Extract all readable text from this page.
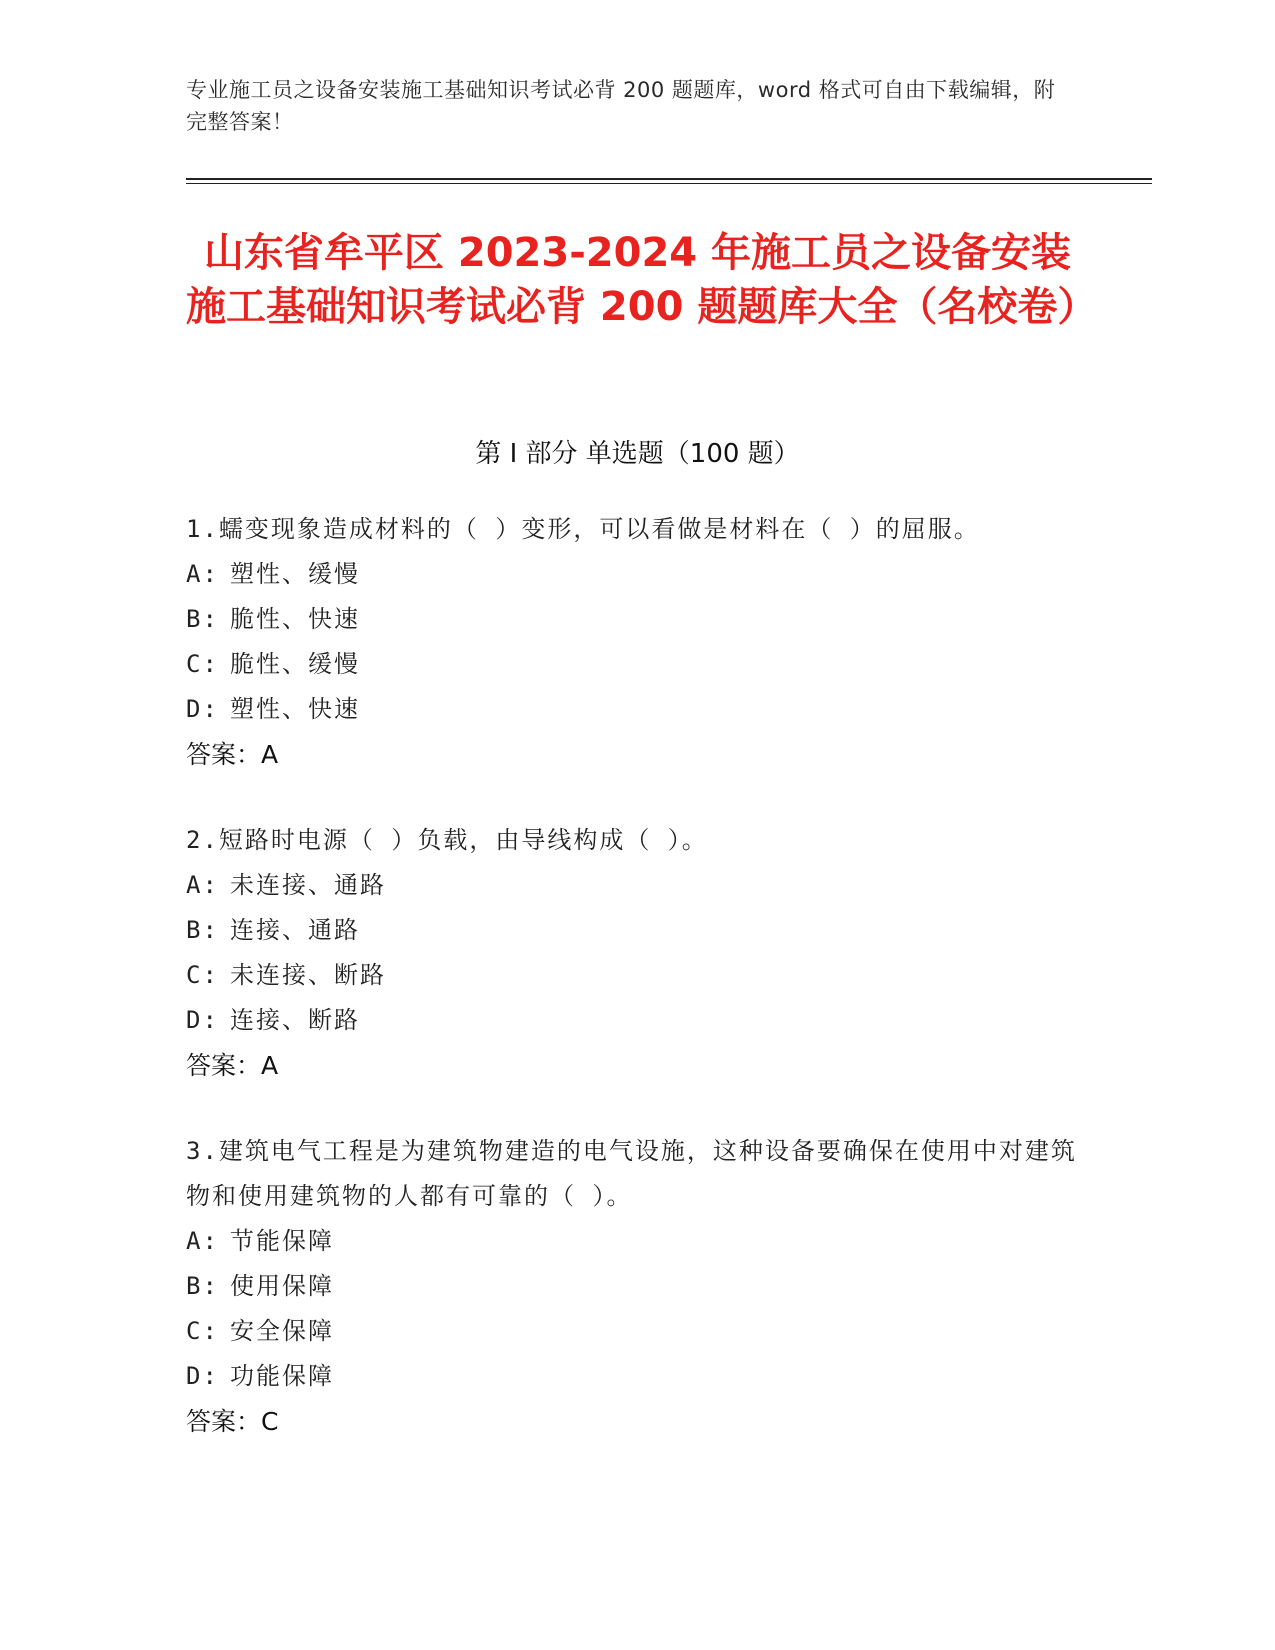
专业施工员之设备安装施工基础知识考试必背 200 题题库，word 格式可自由下载编辑，附完整答案！
山东省牟平区 2023-2024 年施工员之设备安装施工基础知识考试必背 200 题题库大全（名校卷）
第 I 部分 单选题（100 题）
1.蠕变现象造成材料的（ ）变形，可以看做是材料在（ ）的屈服。
A: 塑性、缓慢
B: 脆性、快速
C: 脆性、缓慢
D: 塑性、快速
答案：A
2.短路时电源（ ）负载，由导线构成（ ）。
A: 未连接、通路
B: 连接、通路
C: 未连接、断路
D: 连接、断路
答案：A
3.建筑电气工程是为建筑物建造的电气设施，这种设备要确保在使用中对建筑物和使用建筑物的人都有可靠的（ ）。
A: 节能保障
B: 使用保障
C: 安全保障
D: 功能保障
答案：C
